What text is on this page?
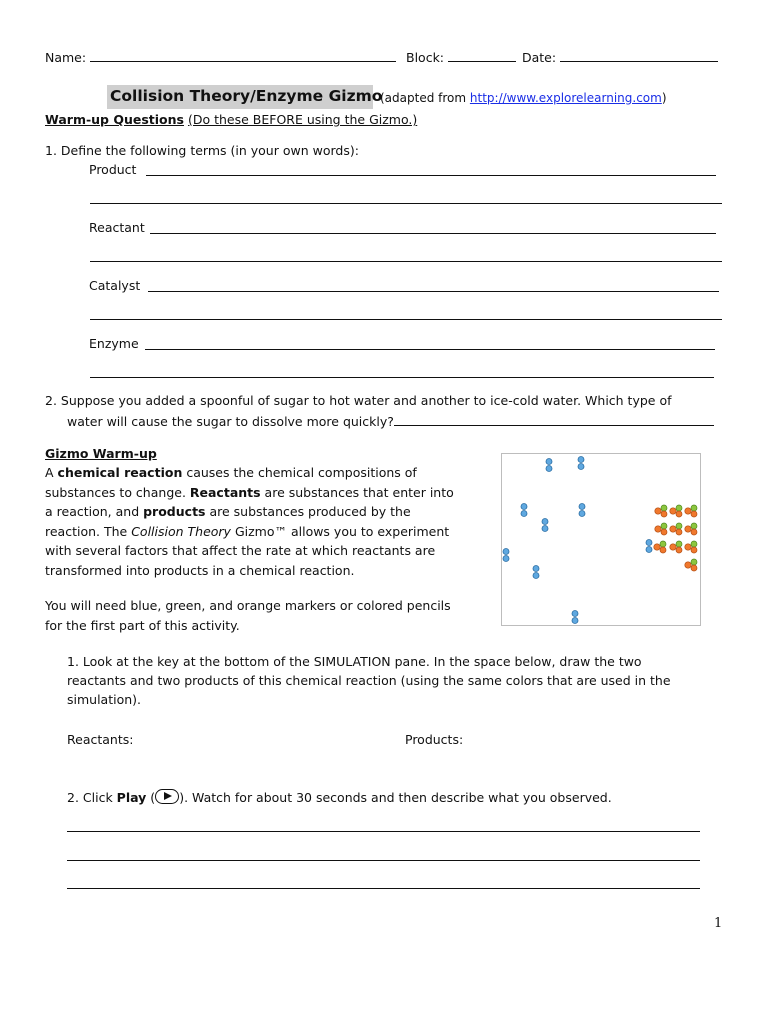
Name:	Block:	Date:
Collision Theory/Enzyme Gizmo
(adapted from http://www.explorelearning.com)
Warm-up Questions (Do these BEFORE using the Gizmo.)
1. Define the following terms (in your own words):
Product
Reactant
Catalyst
Enzyme
2. Suppose you added a spoonful of sugar to hot water and another to ice-cold water. Which type of
water will cause the sugar to dissolve more quickly?
Gizmo Warm-up
A chemical reaction causes the chemical compositions of substances to change. Reactants are substances that enter into a reaction, and products are substances produced by the reaction. The Collision Theory Gizmo™ allows you to experiment with several factors that affect the rate at which reactants are transformed into products in a chemical reaction.
You will need blue, green, and orange markers or colored pencils for the first part of this activity.
1. Look at the key at the bottom of the SIMULATION pane. In the space below, draw the two
reactants and two products of this chemical reaction (using the same colors that are used in the
simulation).
Reactants:	Products:
2. Click Play ( ). Watch for about 30 seconds and then describe what you observed.
1
